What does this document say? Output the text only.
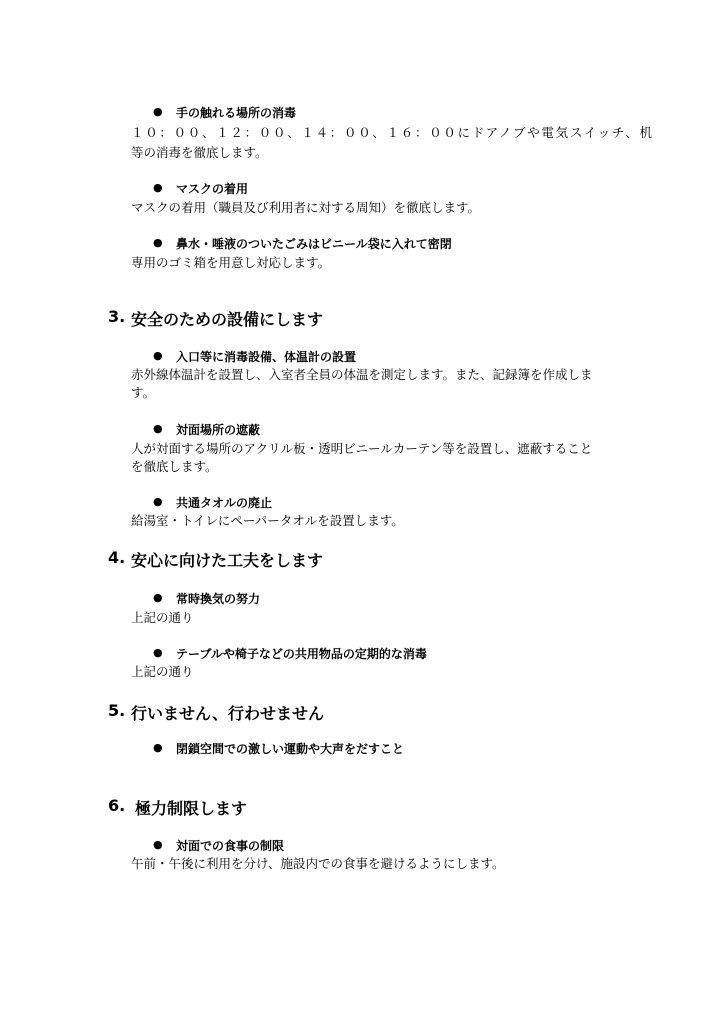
● 手の触れる場所の消毒
１０：００、１２：００、１４：００、１６：００にドアノブや電気スイッチ、机
等の消毒を徹底します。
● マスクの着用
マスクの着用（職員及び利用者に対する周知）を徹底します。
● 鼻水・唾液のついたごみはビニール袋に入れて密閉
専用のゴミ箱を用意し対応します。
3. 安全のための設備にします
● 入口等に消毒設備、体温計の設置
赤外線体温計を設置し、入室者全員の体温を測定します。また、記録簿を作成しま
す。
● 対面場所の遮蔽
人が対面する場所のアクリル板・透明ビニールカーテン等を設置し、遮蔽すること
を徹底します。
● 共通タオルの廃止
給湯室・トイレにペーパータオルを設置します。
4. 安心に向けた工夫をします
● 常時換気の努力
上記の通り
● テーブルや椅子などの共用物品の定期的な消毒
上記の通り
5. 行いません、行わせません
● 閉鎖空間での激しい運動や大声をだすこと
6. 極力制限します
● 対面での食事の制限
午前・午後に利用を分け、施設内での食事を避けるようにします。
